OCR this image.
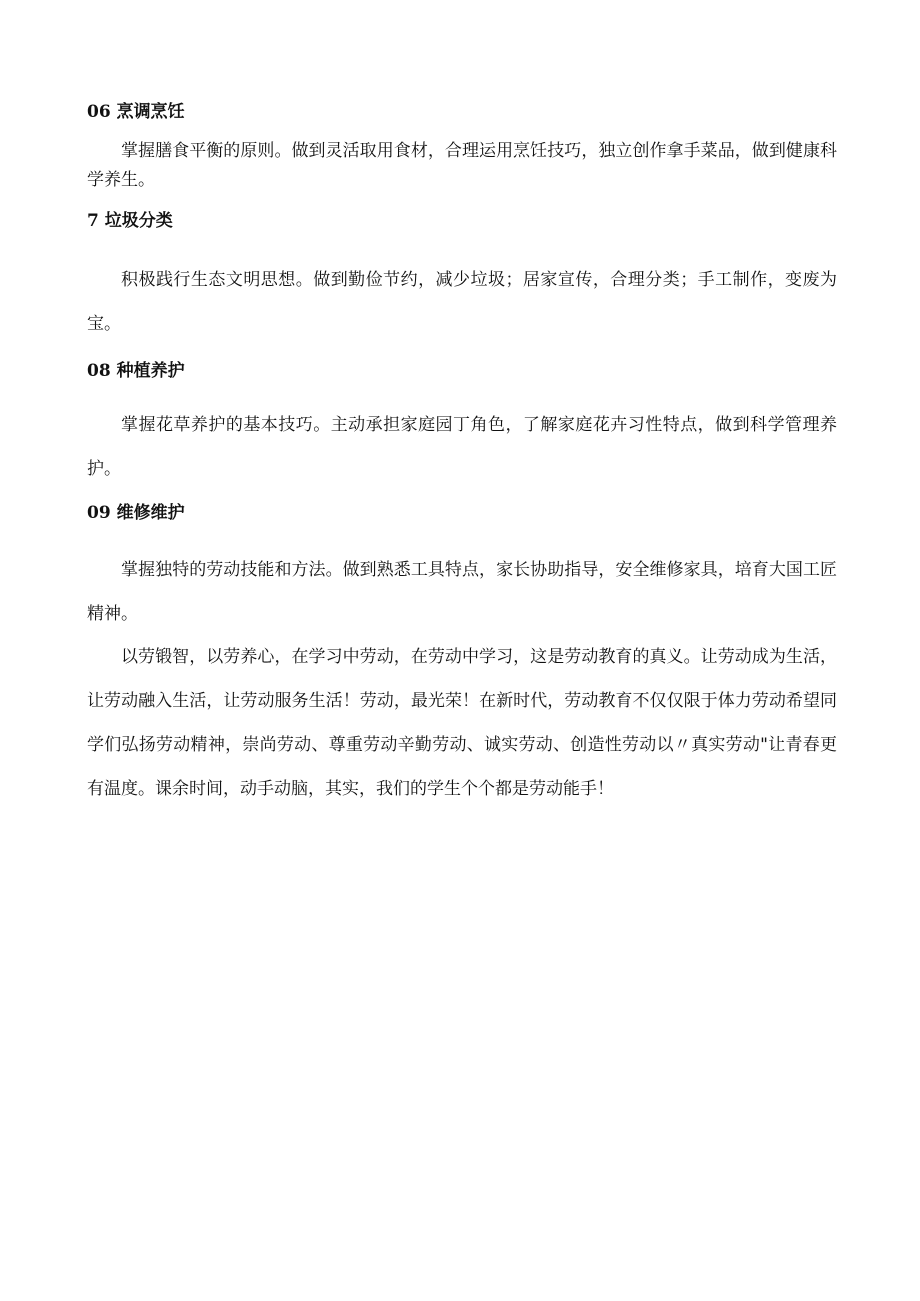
06 烹调烹饪
掌握膳食平衡的原则。做到灵活取用食材，合理运用烹饪技巧，独立创作拿手菜品，做到健康科学养生。
7 垃圾分类
积极践行生态文明思想。做到勤俭节约，减少垃圾；居家宣传，合理分类；手工制作，变废为宝。
08 种植养护
掌握花草养护的基本技巧。主动承担家庭园丁角色，了解家庭花卉习性特点，做到科学管理养护。
09 维修维护
掌握独特的劳动技能和方法。做到熟悉工具特点，家长协助指导，安全维修家具，培育大国工匠精神。
以劳锻智，以劳养心，在学习中劳动，在劳动中学习，这是劳动教育的真义。让劳动成为生活，让劳动融入生活，让劳动服务生活！劳动，最光荣！在新时代，劳动教育不仅仅限于体力劳动希望同学们弘扬劳动精神，崇尚劳动、尊重劳动辛勤劳动、诚实劳动、创造性劳动以〃真实劳动"让青春更有温度。课余时间，动手动脑，其实，我们的学生个个都是劳动能手！
